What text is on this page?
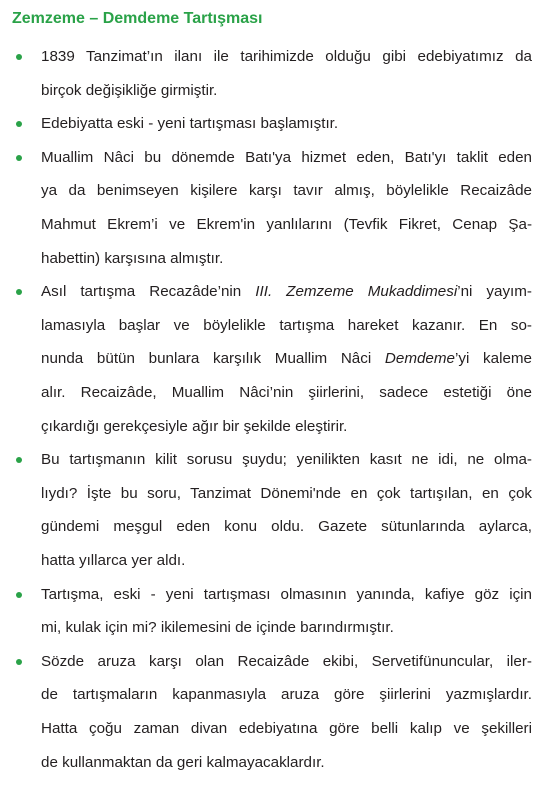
Zemzeme – Demdeme Tartışması
1839 Tanzimat’ın ilanı ile tarihimizde olduğu gibi edebiyatımız da
birçok değişikliğe girmiştir.
Edebiyatta eski - yeni tartışması başlamıştır.
Muallim Nâci bu dönemde Batı'ya hizmet eden, Batı'yı taklit eden
ya da benimseyen kişilere karşı tavır almış, böylelikle Recaizâde
Mahmut Ekrem’i ve Ekrem'in yanlılarını (Tevfik Fikret, Cenap Şa-
habettin) karşısına almıştır.
Asıl tartışma Recazâde’nin III. Zemzeme Mukaddimesi’ni yayım-
lamasıyla başlar ve böylelikle tartışma hareket kazanır. En so-
nunda bütün bunlara karşılık Muallim Nâci Demdeme’yi kaleme
alır. Recaizâde, Muallim Nâci’nin şiirlerini, sadece estetiği öne
çıkardığı gerekçesiyle ağır bir şekilde eleştirir.
Bu tartışmanın kilit sorusu şuydu; yenilikten kasıt ne idi, ne olma-
lıydı? İşte bu soru, Tanzimat Dönemi'nde en çok tartışılan, en çok
gündemi meşgul eden konu oldu. Gazete sütunlarında aylarca,
hatta yıllarca yer aldı.
Tartışma, eski - yeni tartışması olmasının yanında, kafiye göz için
mi, kulak için mi? ikilemesini de içinde barındırmıştır.
Sözde aruza karşı olan Recaizâde ekibi, Servetifünuncular, iler-
de tartışmaların kapanmasıyla aruza göre şiirlerini yazmışlardır.
Hatta çoğu zaman divan edebiyatına göre belli kalıp ve şekilleri
de kullanmaktan da geri kalmayacaklardır.
